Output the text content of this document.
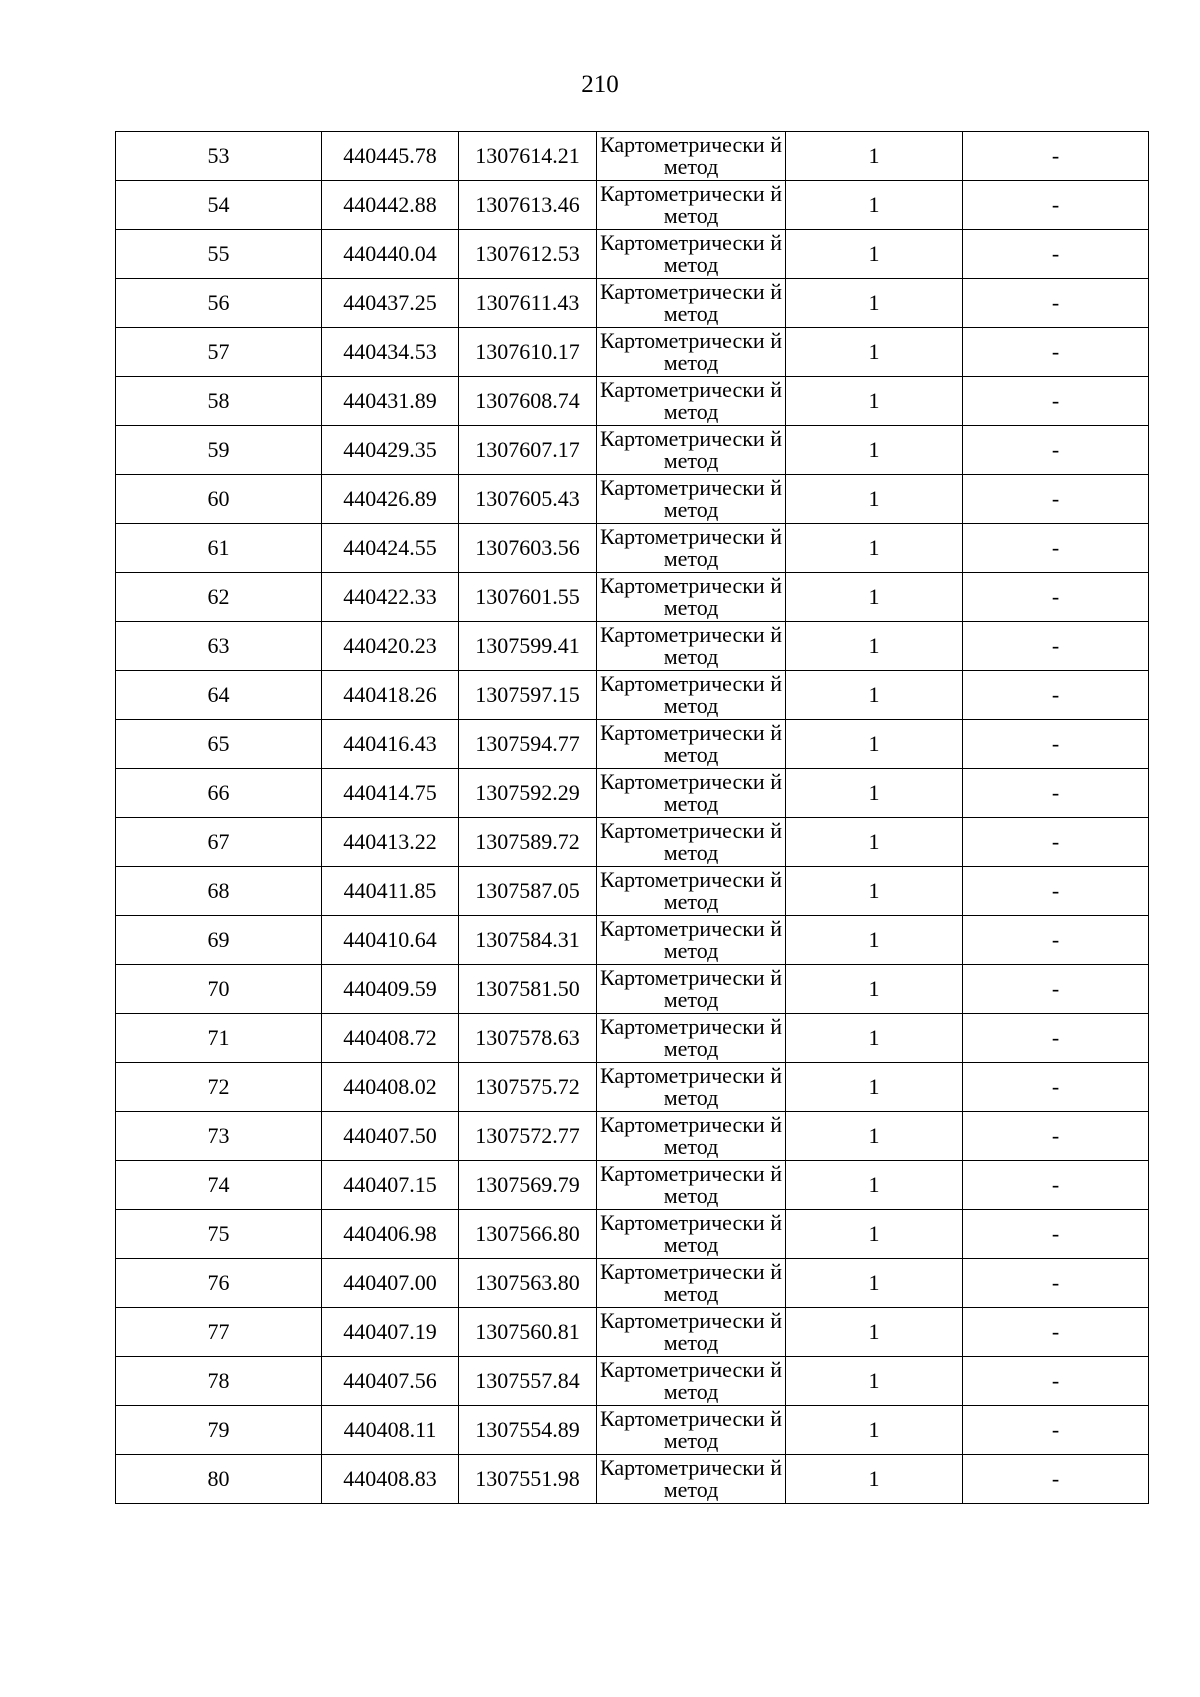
210
53	440445.78	1307614.21	Картометрически й метод	1	-
54	440442.88	1307613.46	Картометрически й метод	1	-
55	440440.04	1307612.53	Картометрически й метод	1	-
56	440437.25	1307611.43	Картометрически й метод	1	-
57	440434.53	1307610.17	Картометрически й метод	1	-
58	440431.89	1307608.74	Картометрически й метод	1	-
59	440429.35	1307607.17	Картометрически й метод	1	-
60	440426.89	1307605.43	Картометрически й метод	1	-
61	440424.55	1307603.56	Картометрически й метод	1	-
62	440422.33	1307601.55	Картометрически й метод	1	-
63	440420.23	1307599.41	Картометрически й метод	1	-
64	440418.26	1307597.15	Картометрически й метод	1	-
65	440416.43	1307594.77	Картометрически й метод	1	-
66	440414.75	1307592.29	Картометрически й метод	1	-
67	440413.22	1307589.72	Картометрически й метод	1	-
68	440411.85	1307587.05	Картометрически й метод	1	-
69	440410.64	1307584.31	Картометрически й метод	1	-
70	440409.59	1307581.50	Картометрически й метод	1	-
71	440408.72	1307578.63	Картометрически й метод	1	-
72	440408.02	1307575.72	Картометрически й метод	1	-
73	440407.50	1307572.77	Картометрически й метод	1	-
74	440407.15	1307569.79	Картометрически й метод	1	-
75	440406.98	1307566.80	Картометрически й метод	1	-
76	440407.00	1307563.80	Картометрически й метод	1	-
77	440407.19	1307560.81	Картометрически й метод	1	-
78	440407.56	1307557.84	Картометрически й метод	1	-
79	440408.11	1307554.89	Картометрически й метод	1	-
80	440408.83	1307551.98	Картометрически й метод	1	-
